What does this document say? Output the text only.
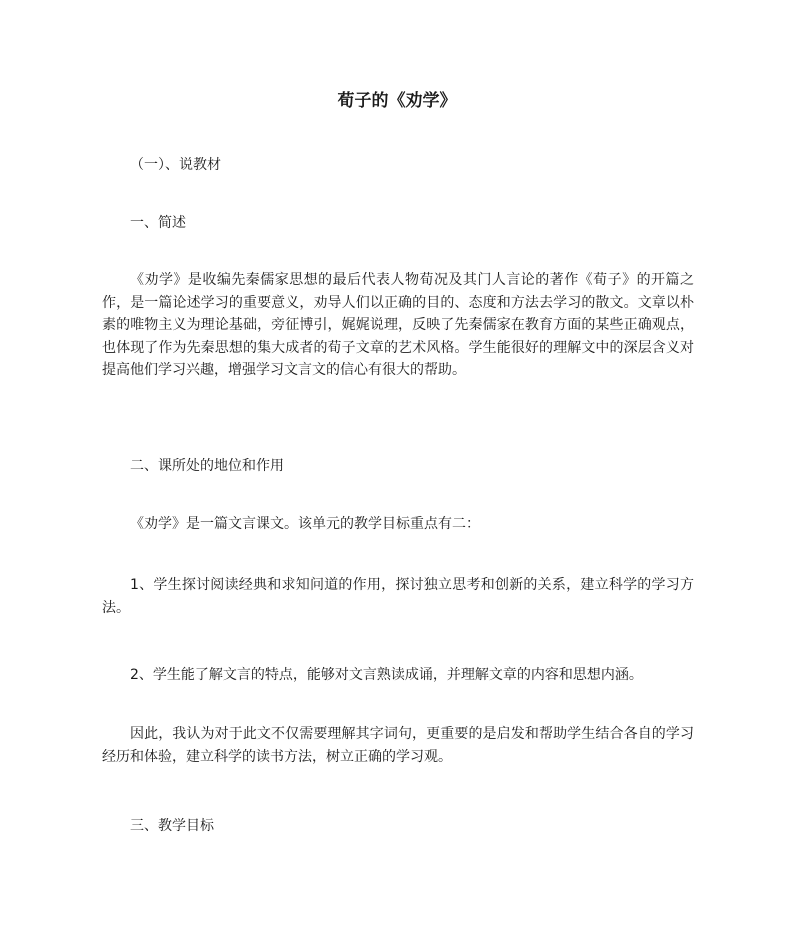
荀子的《劝学》

（一）、说教材

一、简述

《劝学》是收编先秦儒家思想的最后代表人物荀况及其门人言论的著作《荀子》的开篇之作，是一篇论述学习的重要意义，劝导人们以正确的目的、态度和方法去学习的散文。文章以朴素的唯物主义为理论基础，旁征博引，娓娓说理，反映了先秦儒家在教育方面的某些正确观点，也体现了作为先秦思想的集大成者的荀子文章的艺术风格。学生能很好的理解文中的深层含义对提高他们学习兴趣，增强学习文言文的信心有很大的帮助。

二、课所处的地位和作用

《劝学》是一篇文言课文。该单元的教学目标重点有二：

1、学生探讨阅读经典和求知问道的作用，探讨独立思考和创新的关系，建立科学的学习方法。

2、学生能了解文言的特点，能够对文言熟读成诵，并理解文章的内容和思想内涵。

因此，我认为对于此文不仅需要理解其字词句，更重要的是启发和帮助学生结合各自的学习经历和体验，建立科学的读书方法，树立正确的学习观。

三、教学目标
